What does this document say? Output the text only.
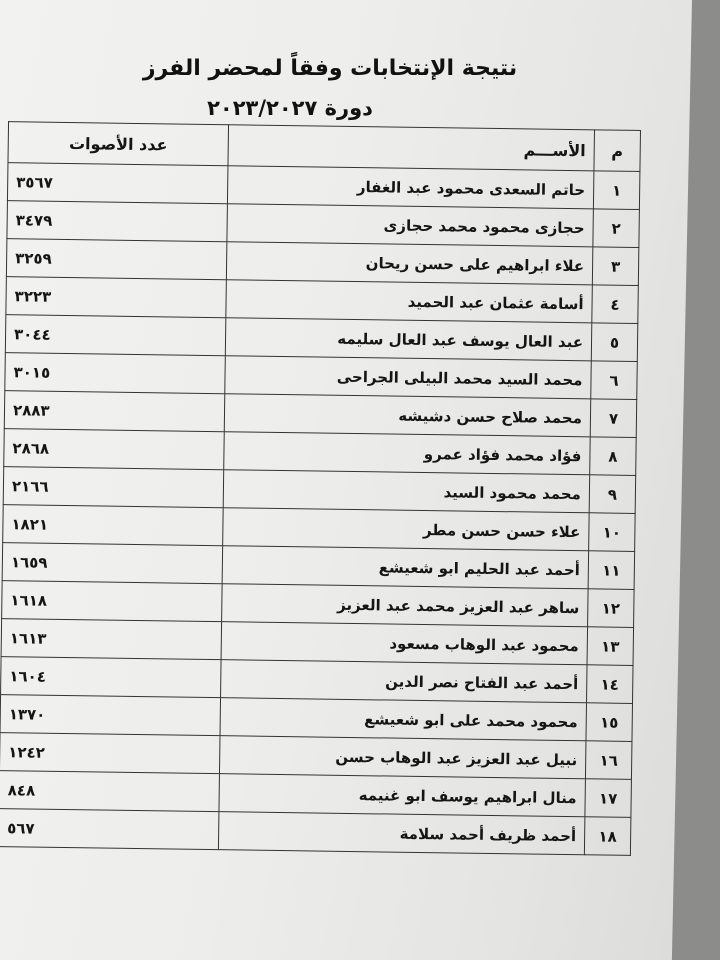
نتيجة الإنتخابات وفقاً لمحضر الفرز
دورة ٢٠٢٣/٢٠٢٧
م	الأســـم	عدد الأصوات
١	حاتم السعدى محمود عبد الغفار	٣٥٦٧
٢	حجازى محمود محمد حجازى	٣٤٧٩
٣	علاء ابراهيم على حسن ريحان	٣٢٥٩
٤	أسامة عثمان عبد الحميد	٣٢٢٣
٥	عبد العال يوسف عبد العال سليمه	٣٠٤٤
٦	محمد السيد محمد البيلى الجراحى	٣٠١٥
٧	محمد صلاح حسن دشيشه	٢٨٨٣
٨	فؤاد محمد فؤاد عمرو	٢٨٦٨
٩	محمد محمود السيد	٢١٦٦
١٠	علاء حسن حسن مطر	١٨٢١
١١	أحمد عبد الحليم ابو شعيشع	١٦٥٩
١٢	ساهر عبد العزيز محمد عبد العزيز	١٦١٨
١٣	محمود عبد الوهاب مسعود	١٦١٣
١٤	أحمد عبد الفتاح نصر الدين	١٦٠٤
١٥	محمود محمد على ابو شعيشع	١٣٧٠
١٦	نبيل عبد العزيز عبد الوهاب حسن	١٢٤٢
١٧	منال ابراهيم يوسف ابو غنيمه	٨٤٨
١٨	أحمد ظريف أحمد سلامة	٥٦٧
